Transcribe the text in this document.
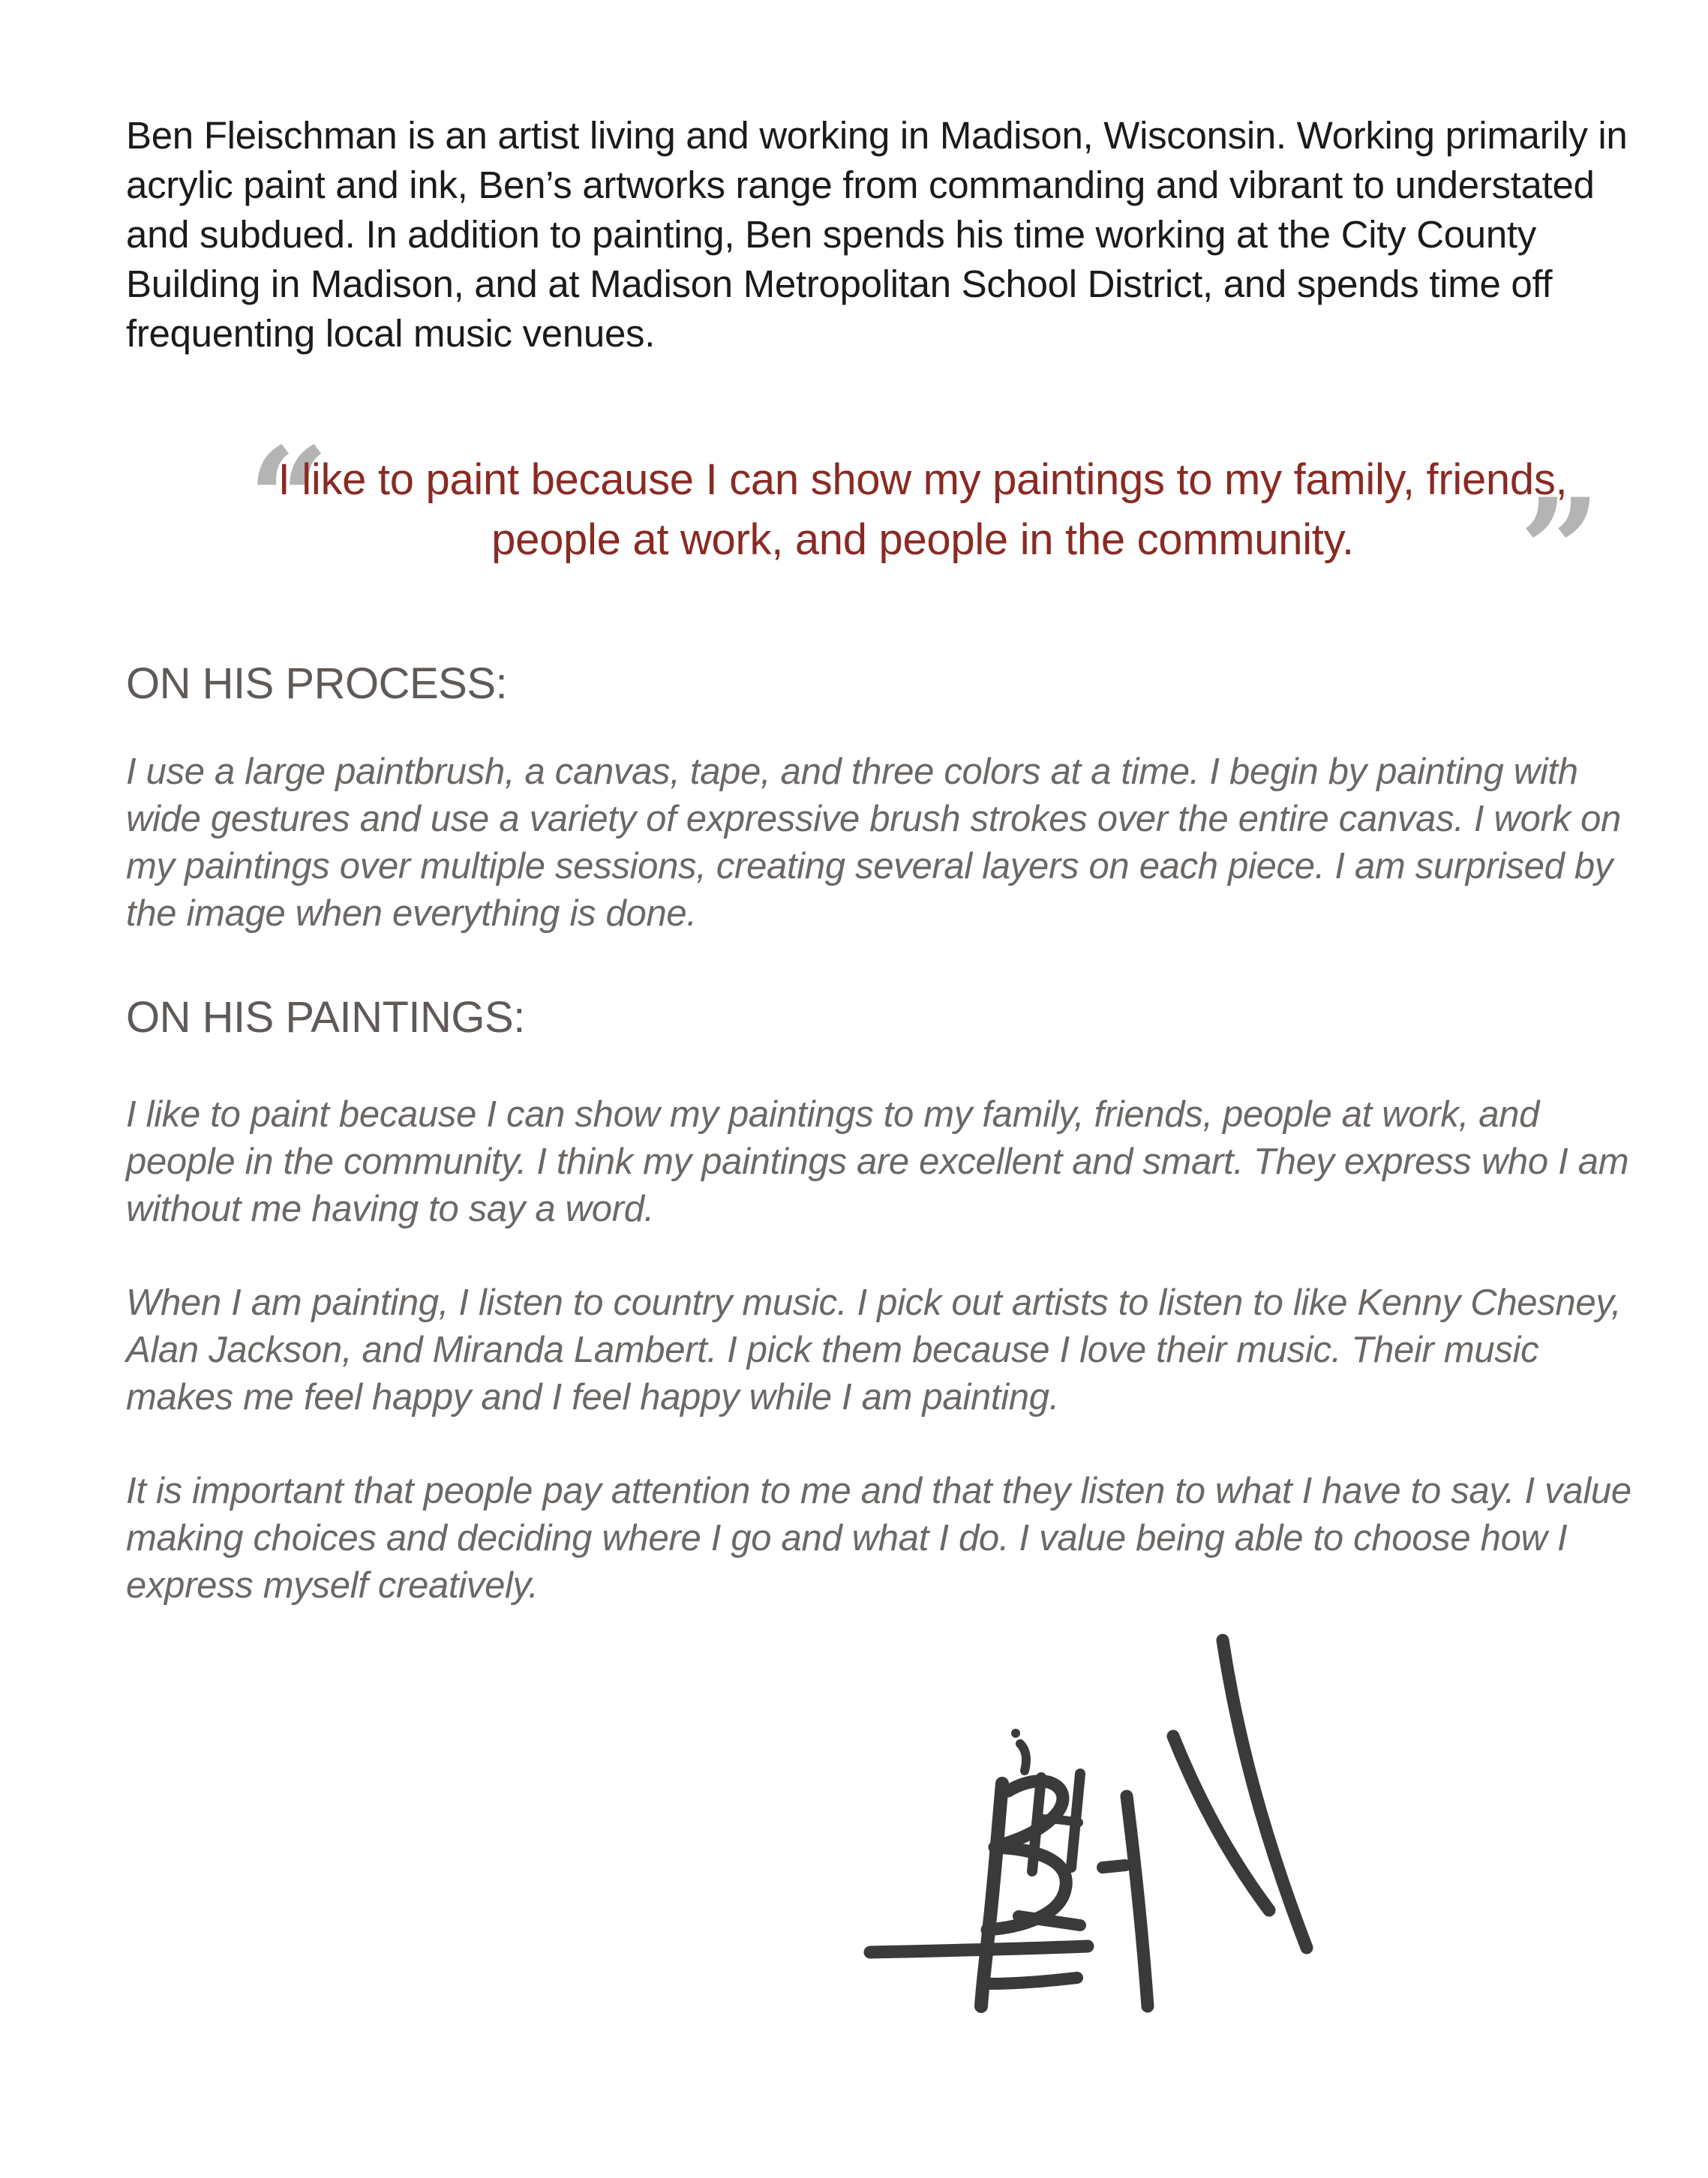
Ben Fleischman is an artist living and working in Madison, Wisconsin. Working primarily in acrylic paint and ink, Ben’s artworks range from commanding and vibrant to understated and subdued. In addition to painting, Ben spends his time working at the City County Building in Madison, and at Madison Metropolitan School District, and spends time off frequenting local music venues.

“

I like to paint because I can show my paintings to my family, friends, people at work, and people in the community.	”
ON HIS PROCESS:

I use a large paintbrush, a canvas, tape, and three colors at a time. I begin by painting with wide gestures and use a variety of expressive brush strokes over the entire canvas. I work on my paintings over multiple sessions, creating several layers on each piece. I am surprised by the image when everything is done.

ON HIS PAINTINGS:

I like to paint because I can show my paintings to my family, friends, people at work, and people in the community. I think my paintings are excellent and smart. They express who I am without me having to say a word.

When I am painting, I listen to country music. I pick out artists to listen to like Kenny Chesney, Alan Jackson, and Miranda Lambert. I pick them because I love their music. Their music makes me feel happy and I feel happy while I am painting.

It is important that people pay attention to me and that they listen to what I have to say. I value making choices and deciding where I go and what I do. I value being able to choose how I express myself creatively.
